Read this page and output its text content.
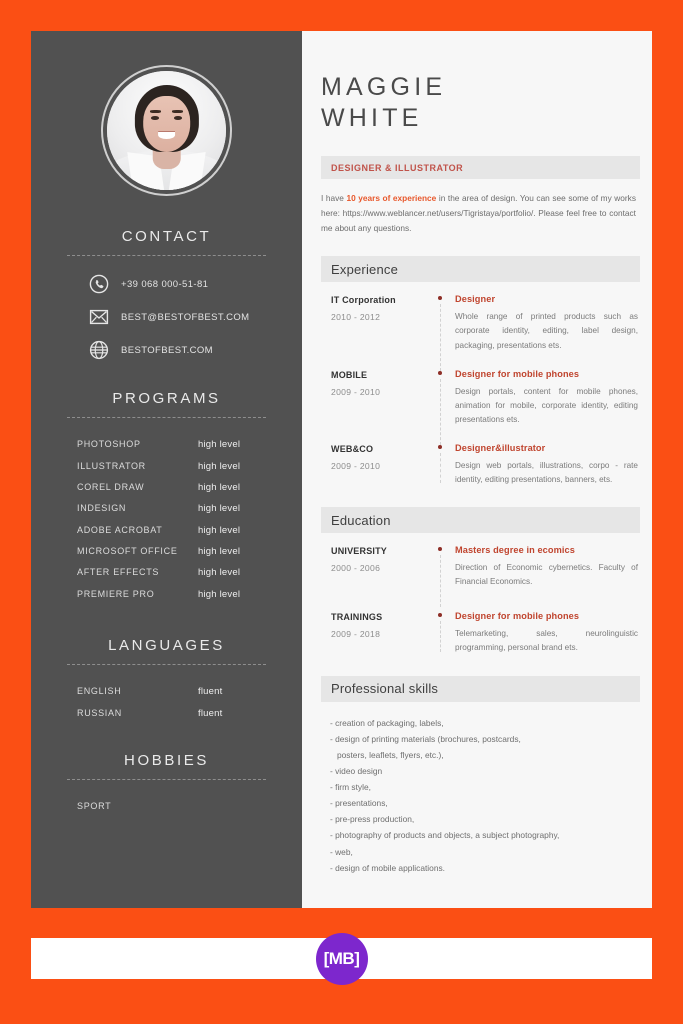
CONTACT
+39 068 000-51-81
BEST@BESTOFBEST.COM
BESTOFBEST.COM
PROGRAMS
PHOTOSHOP	high level
ILLUSTRATOR	high level
COREL DRAW	high level
INDESIGN	high level
ADOBE ACROBAT	high level
MICROSOFT OFFICE high level
AFTER EFFECTS	high level
PREMIERE PRO	high level
LANGUAGES
ENGLISH	fluent
RUSSIAN	fluent
HOBBIES
SPORT
MAGGIE
WHITE
DESIGNER & ILLUSTRATOR

I have 10 years of experience in the area of design. You can see some of my works here: https://www.weblancer.net/users/Tigristaya/portfolio/. Please feel free to contact me about any questions.

Experience
IT Corporation
2010 - 2012
Designer
Whole range of printed products such as corporate identity, editing, label design, packaging, presentations ets.
MOBILE
2009 - 2010
Designer for mobile phones
Design portals, content for mobile phones, animation for mobile, corporate identity, editing presentations ets.
WEB&CO
2009 - 2010
Designer&illustrator
Design web portals, illustrations, corpo - rate identity, editing presentations, banners, ets.
Education
UNIVERSITY
2000 - 2006
Masters degree in ecomics
Direction of Economic cybernetics. Faculty of Financial Economics.
TRAININGS
2009 - 2018
Designer for mobile phones
Telemarketing, sales, neurolinguistic programming, personal brand ets.
Professional skills
- creation of packaging, labels,
- design of printing materials (brochures, postcards,
posters, leaflets, flyers, etc.),
- video design
- firm style,
- presentations,
- pre-press production,
- photography of products and objects, a subject photography,
- web,
- design of mobile applications.
[MB]
